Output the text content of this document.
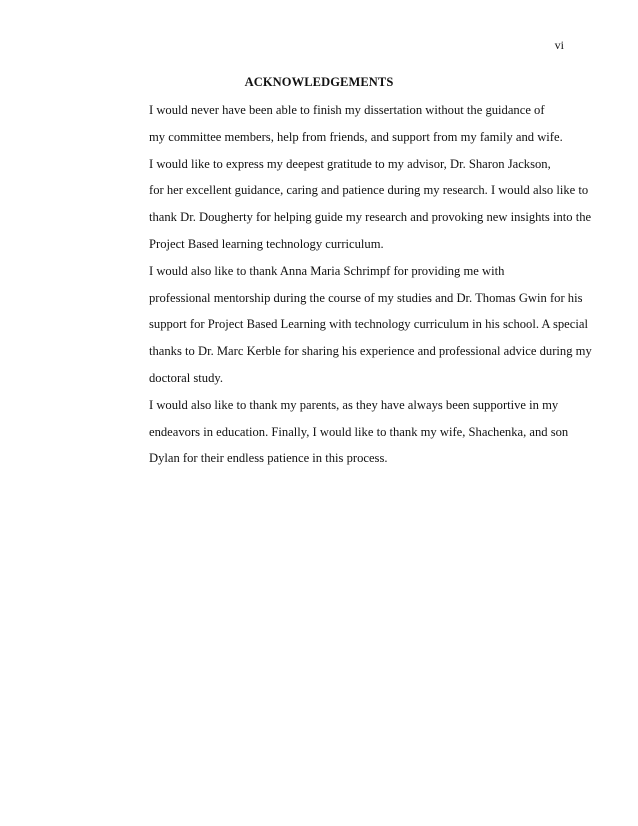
vi
ACKNOWLEDGEMENTS

I would never have been able to finish my dissertation without the guidance of
my committee members, help from friends, and support from my family and wife.

I would like to express my deepest gratitude to my advisor, Dr. Sharon Jackson,
for her excellent guidance, caring and patience during my research. I would also like to
thank Dr. Dougherty for helping guide my research and provoking new insights into the
Project Based learning technology curriculum.

I would also like to thank Anna Maria Schrimpf for providing me with
professional mentorship during the course of my studies and Dr. Thomas Gwin for his
support for Project Based Learning with technology curriculum in his school. A special
thanks to Dr. Marc Kerble for sharing his experience and professional advice during my
doctoral study.

I would also like to thank my parents, as they have always been supportive in my
endeavors in education. Finally, I would like to thank my wife, Shachenka, and son
Dylan for their endless patience in this process.
